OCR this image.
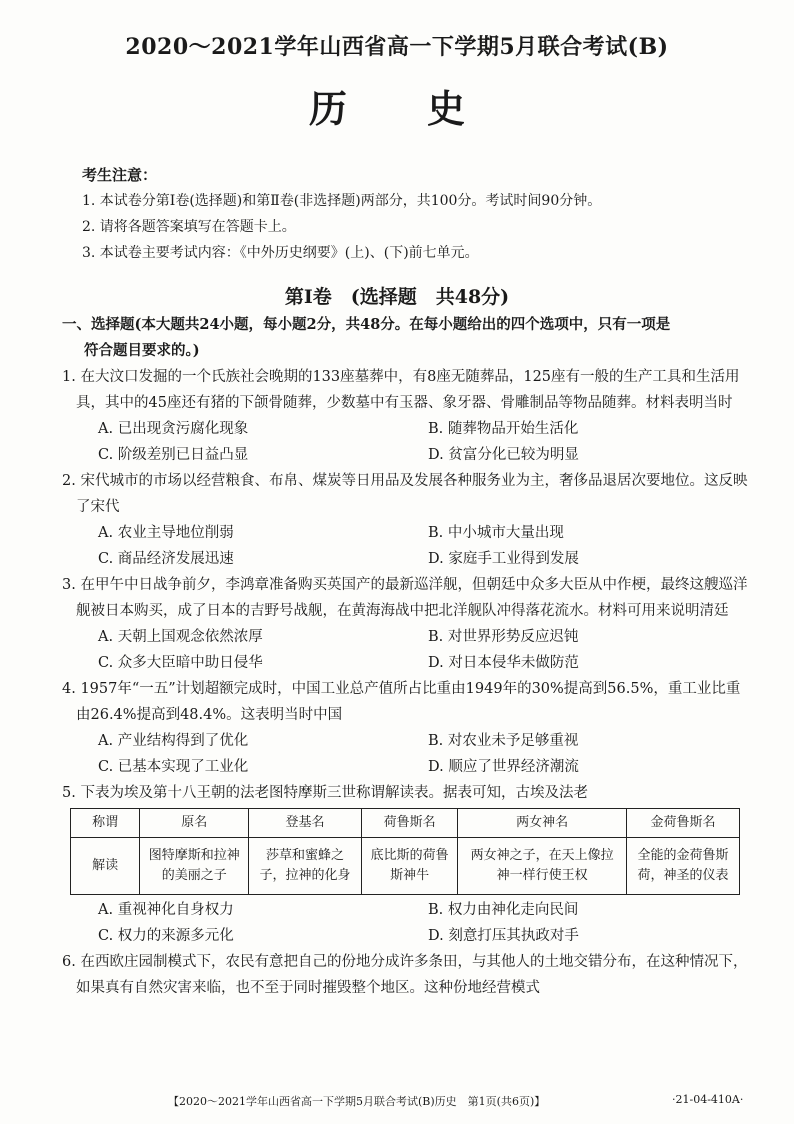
2020～2021学年山西省高一下学期5月联合考试(B)
历史
考生注意：
1. 本试卷分第Ⅰ卷(选择题)和第Ⅱ卷(非选择题)两部分，共100分。考试时间90分钟。
2. 请将各题答案填写在答题卡上。
3. 本试卷主要考试内容：《中外历史纲要》(上)、(下)前七单元。
第Ⅰ卷　(选择题　共48分)
一、选择题(本大题共24小题，每小题2分，共48分。在每小题给出的四个选项中，只有一项是
符合题目要求的。)
1. 在大汶口发掘的一个氏族社会晚期的133座墓葬中，有8座无随葬品，125座有一般的生产工具和生活用具，其中的45座还有猪的下颌骨随葬，少数墓中有玉器、象牙器、骨雕制品等物品随葬。材料表明当时
A. 已出现贪污腐化现象	B. 随葬物品开始生活化
C. 阶级差别已日益凸显	D. 贫富分化已较为明显
2. 宋代城市的市场以经营粮食、布帛、煤炭等日用品及发展各种服务业为主，奢侈品退居次要地位。这反映了宋代
A. 农业主导地位削弱	B. 中小城市大量出现
C. 商品经济发展迅速	D. 家庭手工业得到发展
3. 在甲午中日战争前夕，李鸿章准备购买英国产的最新巡洋舰，但朝廷中众多大臣从中作梗，最终这艘巡洋舰被日本购买，成了日本的吉野号战舰，在黄海海战中把北洋舰队冲得落花流水。材料可用来说明清廷
A. 天朝上国观念依然浓厚	B. 对世界形势反应迟钝
C. 众多大臣暗中助日侵华	D. 对日本侵华未做防范
4. 1957年“一五”计划超额完成时，中国工业总产值所占比重由1949年的30%提高到56.5%，重工业比重由26.4%提高到48.4%。这表明当时中国
A. 产业结构得到了优化	B. 对农业未予足够重视
C. 已基本实现了工业化	D. 顺应了世界经济潮流
5. 下表为埃及第十八王朝的法老图特摩斯三世称谓解读表。据表可知，古埃及法老
称谓	原名	登基名	荷鲁斯名	两女神名	金荷鲁斯名
解读	图特摩斯和拉神的美丽之子	莎草和蜜蜂之子，拉神的化身	底比斯的荷鲁斯神牛	两女神之子，在天上像拉神一样行使王权	全能的金荷鲁斯荷，神圣的仪表
A. 重视神化自身权力	B. 权力由神化走向民间
C. 权力的来源多元化	D. 刻意打压其执政对手
6. 在西欧庄园制模式下，农民有意把自己的份地分成许多条田，与其他人的土地交错分布，在这种情况下，如果真有自然灾害来临，也不至于同时摧毁整个地区。这种份地经营模式
【2020～2021学年山西省高一下学期5月联合考试(B)历史　第1页(共6页)】	·21-04-410A·
